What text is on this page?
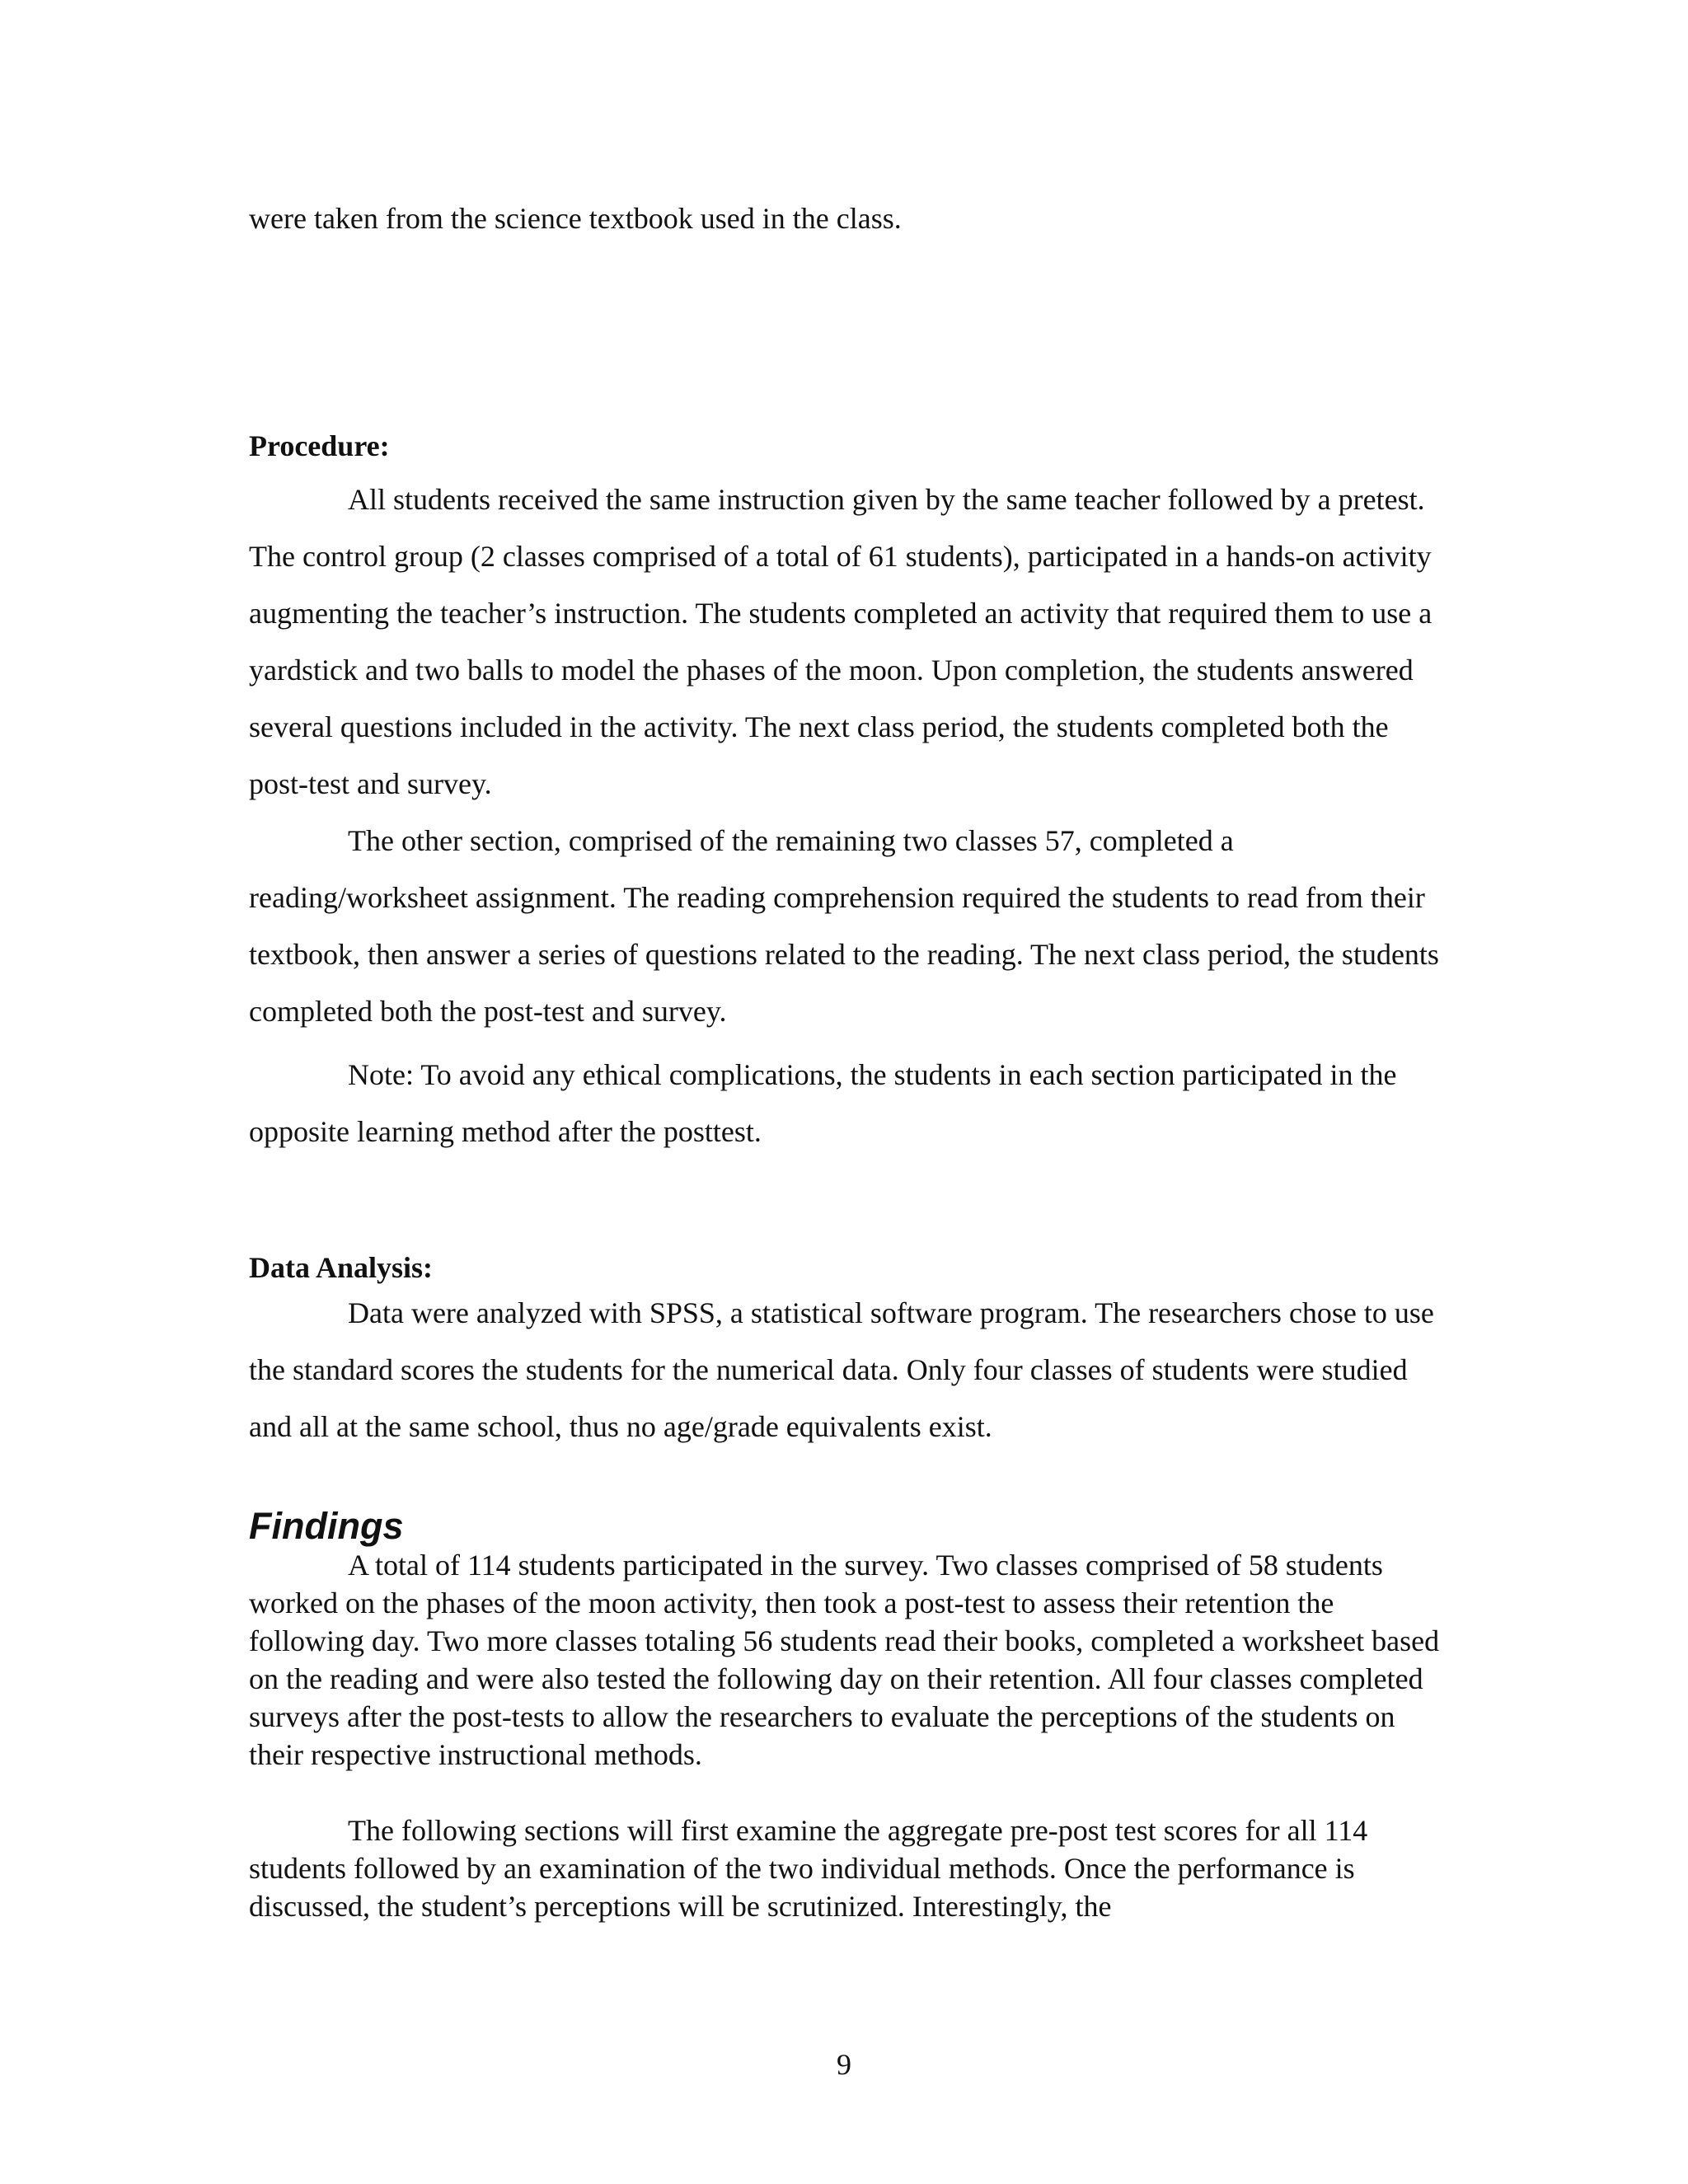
were taken from the science textbook used in the class.

Procedure:

All students received the same instruction given by the same teacher followed by a pretest. The control group (2 classes comprised of a total of 61 students), participated in a hands-on activity augmenting the teacher’s instruction. The students completed an activity that required them to use a yardstick and two balls to model the phases of the moon. Upon completion, the students answered several questions included in the activity. The next class period, the students completed both the post-test and survey.

The other section, comprised of the remaining two classes 57, completed a reading/worksheet assignment. The reading comprehension required the students to read from their textbook, then answer a series of questions related to the reading. The next class period, the students completed both the post-test and survey.

Note: To avoid any ethical complications, the students in each section participated in the opposite learning method after the posttest.

Data Analysis:

Data were analyzed with SPSS, a statistical software program. The researchers chose to use the standard scores the students for the numerical data. Only four classes of students were studied and all at the same school, thus no age/grade equivalents exist.

Findings

A total of 114 students participated in the survey. Two classes comprised of 58 students worked on the phases of the moon activity, then took a post-test to assess their retention the following day. Two more classes totaling 56 students read their books, completed a worksheet based on the reading and were also tested the following day on their retention. All four classes completed surveys after the post-tests to allow the researchers to evaluate the perceptions of the students on their respective instructional methods.

The following sections will first examine the aggregate pre-post test scores for all 114 students followed by an examination of the two individual methods. Once the performance is discussed, the student’s perceptions will be scrutinized. Interestingly, the

9
